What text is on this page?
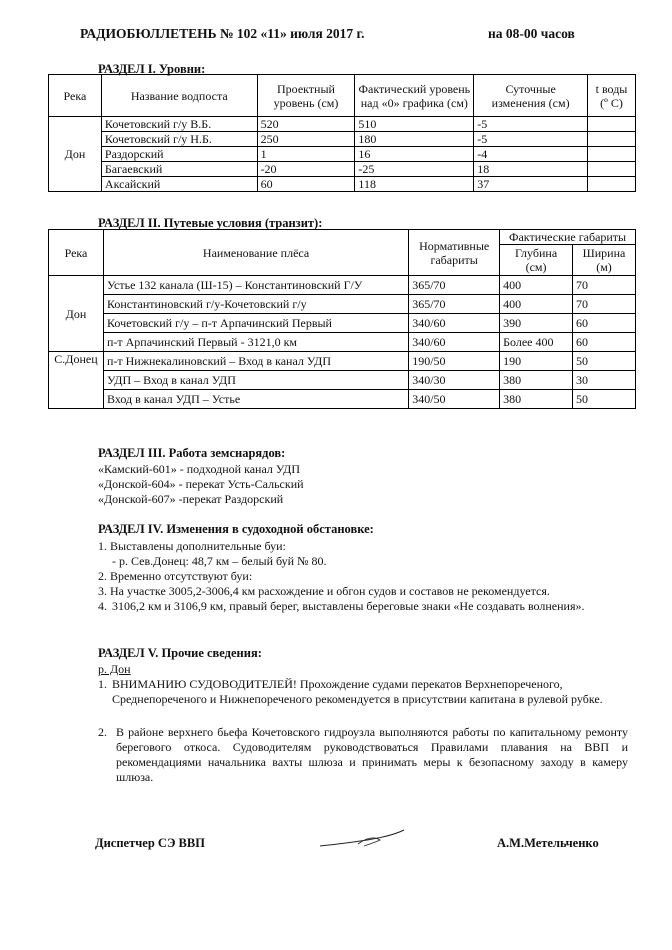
РАДИОБЮЛЛЕТЕНЬ № 102 «11» июля 2017 г.	на 08-00 часов
РАЗДЕЛ I. Уровни:
Река	Название водпоста	Проектный уровень (см)	Фактический уровень над «0» графика (см)	Суточные изменения (см)	t воды (º С)
Дон	Кочетовский г/у В.Б.	520	510	-5	
	Кочетовский г/у Н.Б.	250	180	-5	
	Раздорский	1	16	-4	
	Багаевский	-20	-25	18	
	Аксайский	60	118	37	
РАЗДЕЛ II. Путевые условия (транзит):
Река	Наименование плёса	Нормативные габариты	Фактические габариты	
			Глубина (см)	Ширина (м)
Дон	Устье 132 канала (Ш-15) – Константиновский Г/У	365/70	400	70
	Константиновский г/у-Кочетовский г/у	365/70	400	70
	Кочетовский г/у – п-т Арпачинский Первый	340/60	390	60
	п-т Арпачинский Первый - 3121,0 км	340/60	Более 400	60
С.Донец	п-т Нижнекалиновский – Вход в канал УДП	190/50	190	50
	УДП – Вход в канал УДП	340/30	380	30
	Вход в канал УДП – Устье	340/50	380	50
РАЗДЕЛ III. Работа земснарядов:
«Камский-601» - подходной канал УДП
«Донской-604» - перекат Усть-Сальский
«Донской-607» -перекат Раздорский
РАЗДЕЛ IV. Изменения в судоходной обстановке:
1. Выставлены дополнительные буи:
- р. Сев.Донец: 48,7 км – белый буй № 80.
2. Временно отсутствуют буи:
3. На участке 3005,2-3006,4 км расхождение и обгон судов и составов не рекомендуется.
4. 3106,2 км и 3106,9 км, правый берег, выставлены береговые знаки «Не создавать волнения».
РАЗДЕЛ V. Прочие сведения:
р. Дон
1. ВНИМАНИЮ СУДОВОДИТЕЛЕЙ! Прохождение судами перекатов Верхнепореченого, Среднепореченого и Нижнепореченого рекомендуется в присутствии капитана в рулевой рубке.
2. В районе верхнего бьефа Кочетовского гидроузла выполняются работы по капитальному ремонту берегового откоса. Судоводителям руководствоваться Правилами плавания на ВВП и рекомендациями начальника вахты шлюза и принимать меры к безопасному заходу в камеру шлюза.
Диспетчер СЭ ВВП	А.М.Метельченко
